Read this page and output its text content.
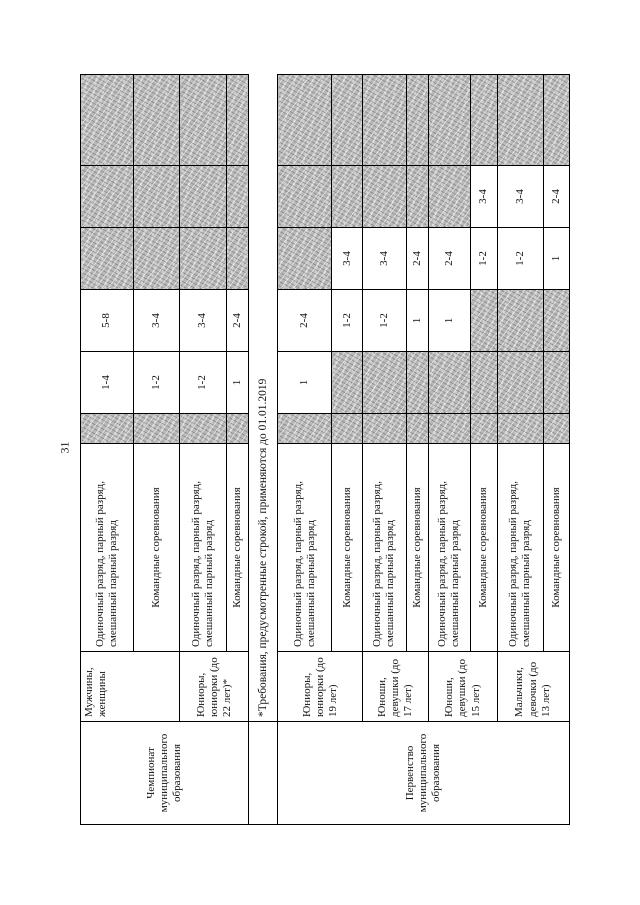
31
Чемпионат муниципального образования	Мужчины, женщины	Одиночный разряд, парный разряд, смешанный парный разряд		1-4	5-8			
		Командные соревнования		1-2	3-4			
	Юниоры, юниорки (до 22 лет)*	Одиночный разряд, парный разряд, смешанный парный разряд		1-2	3-4			
		Командные соревнования		1	2-4			
	*Требования, предусмотренные строкой, применяются до 01.01.2019							
Первенство муниципального образования	Юниоры, юниорки (до 19 лет)	Одиночный разряд, парный разряд, смешанный парный разряд		1	2-4			
		Командные соревнования			1-2	3-4		
	Юноши, девушки (до 17 лет)	Одиночный разряд, парный разряд, смешанный парный разряд			1-2	3-4		
		Командные соревнования			1	2-4		
	Юноши, девушки (до 15 лет)	Одиночный разряд, парный разряд, смешанный парный разряд			1	2-4		
		Командные соревнования				1-2	3-4	
	Мальчики, девочки (до 13 лет)	Одиночный разряд, парный разряд, смешанный парный разряд				1-2	3-4	
		Командные соревнования				1	2-4	
